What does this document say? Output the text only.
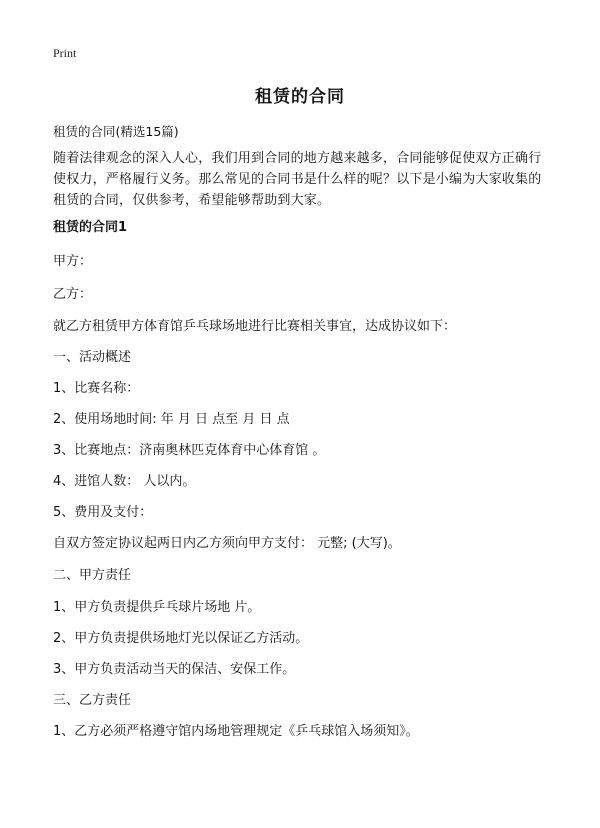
Print
租赁的合同
租赁的合同(精选15篇)
随着法律观念的深入人心，我们用到合同的地方越来越多，合同能够促使双方正确行使权力，严格履行义务。那么常见的合同书是什么样的呢？以下是小编为大家收集的租赁的合同，仅供参考，希望能够帮助到大家。
租赁的合同1
甲方：
乙方：
就乙方租赁甲方体育馆乒乓球场地进行比赛相关事宜，达成协议如下：
一、活动概述
1、比赛名称：
2、使用场地时间: 年 月 日 点至 月 日 点
3、比赛地点：济南奥林匹克体育中心体育馆 。
4、进馆人数： 人以内。
5、费用及支付：
自双方签定协议起两日内乙方须向甲方支付： 元整; (大写)。
二、甲方责任
1、甲方负责提供乒乓球片场地 片。
2、甲方负责提供场地灯光以保证乙方活动。
3、甲方负责活动当天的保洁、安保工作。
三、乙方责任
1、乙方必须严格遵守馆内场地管理规定《乒乓球馆入场须知》。
